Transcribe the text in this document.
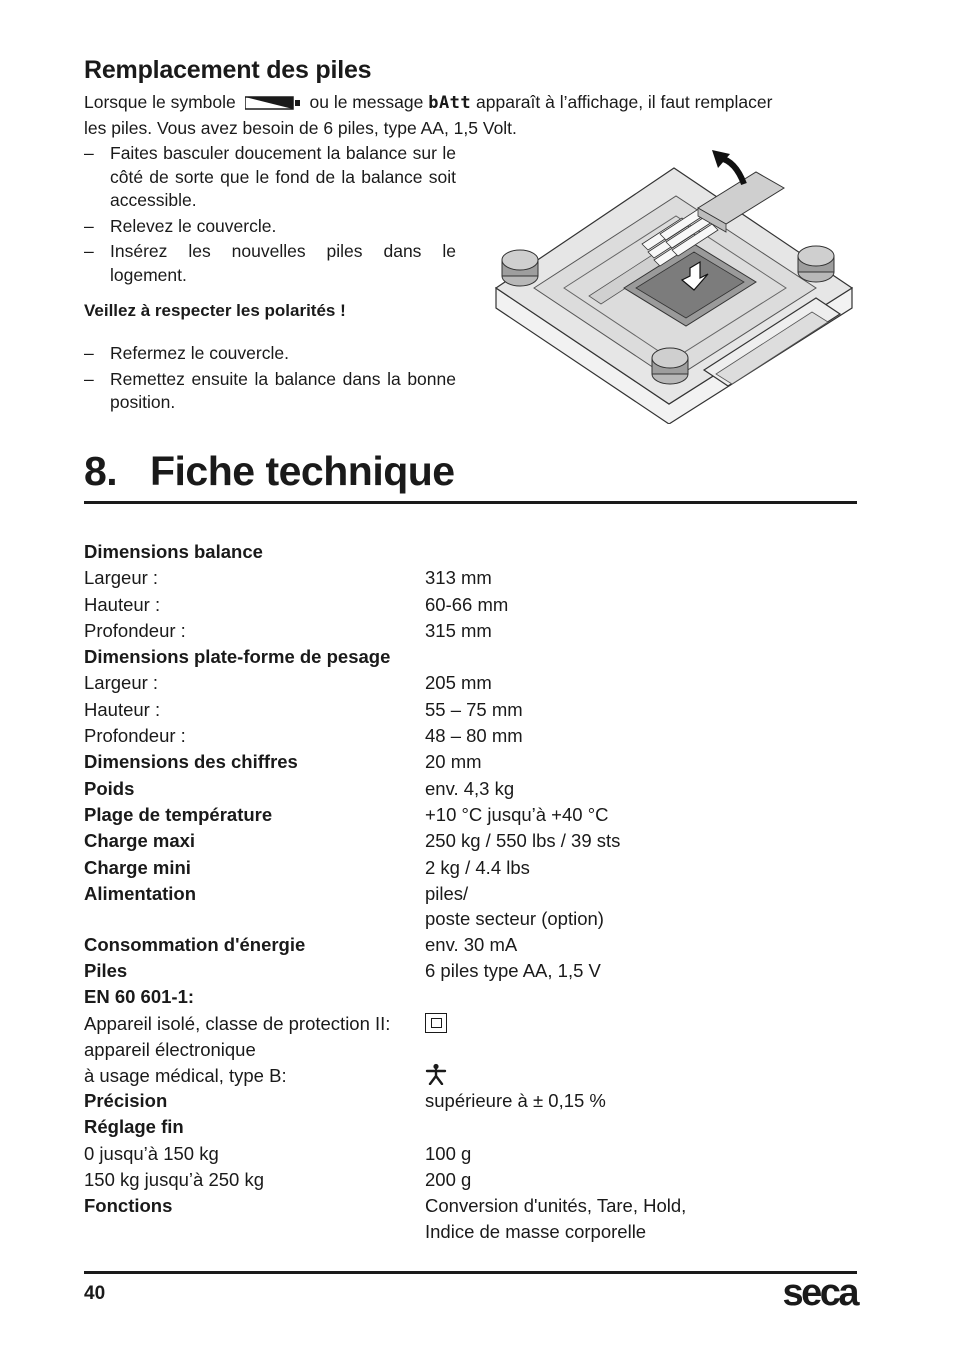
Remplacement des piles
Lorsque le symbole	ou le message bAtt apparaît à l’affichage, il faut remplacer
les piles. Vous avez besoin de 6 piles, type AA, 1,5 Volt.
– Faites basculer doucement la balance sur le côté de sorte que le fond de la balance soit accessible.
– Relevez le couvercle.
– Insérez les nouvelles piles dans le logement.
Veillez à respecter les polarités !
– Refermez le couvercle.
– Remettez ensuite la balance dans la bonne position.
8. Fiche technique
Dimensions balance
Largeur :	313 mm
Hauteur :	60-66 mm
Profondeur :	315 mm
Dimensions plate-forme de pesage
Largeur :	205 mm
Hauteur :	55 – 75 mm
Profondeur :	48 – 80 mm
Dimensions des chiffres	20 mm
Poids	env. 4,3 kg
Plage de température	+10 °C jusqu’à +40 °C
Charge maxi	250 kg / 550 lbs / 39 sts
Charge mini	2 kg / 4.4 lbs
Alimentation	piles/
poste secteur (option)
Consommation d'énergie	env. 30 mA
Piles	6 piles type AA, 1,5 V
EN 60 601-1:
Appareil isolé, classe de protection II:
appareil électronique
à usage médical, type B:
Précision	supérieure à ± 0,15 %
Réglage fin
0 jusqu’à 150 kg	100 g
150 kg jusqu’à 250 kg	200 g
Fonctions	Conversion d'unités, Tare, Hold,
Indice de masse corporelle
40	seca
